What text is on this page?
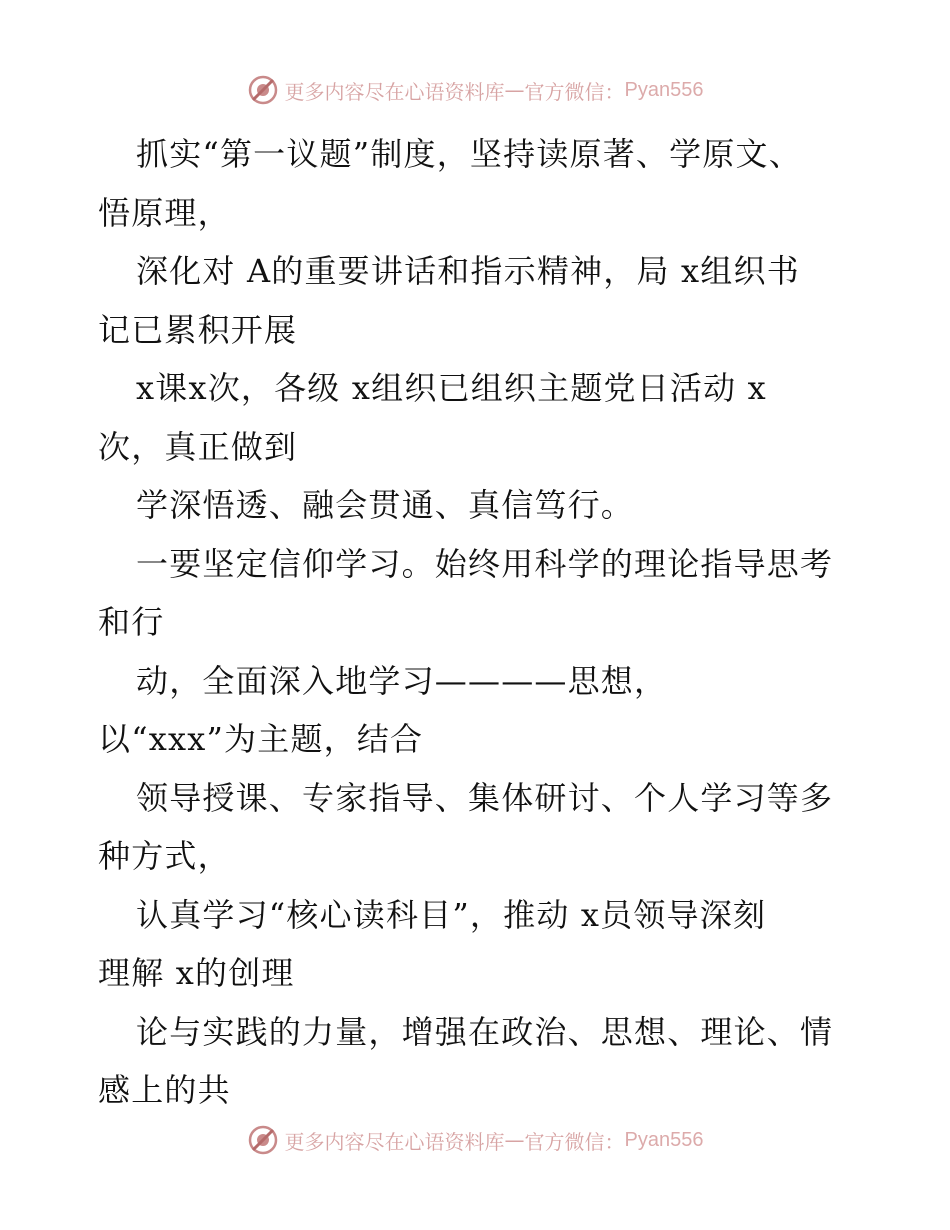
更多内容尽在心语资料库 — 官方微信： Pyan556
抓实“第一议题”制度，坚持读原著、学原文、
悟原理，
深化对 A的重要讲话和指示精神，局 x组织书
记已累积开展
x课x次，各级 x组织已组织主题党日活动 x
次，真正做到
学深悟透、融会贯通、真信笃行。
一要坚定信仰学习。始终用科学的理论指导思考
和行
动，全面深入地学习————思想，
以“xxx”为主题，结合
领导授课、专家指导、集体研讨、个人学习等多
种方式，
认真学习“核心读科目”，推动 x员领导深刻
理解 x的创理
论与实践的力量，增强在政治、思想、理论、情
感上的共
更多内容尽在心语资料库 — 官方微信： Pyan556
